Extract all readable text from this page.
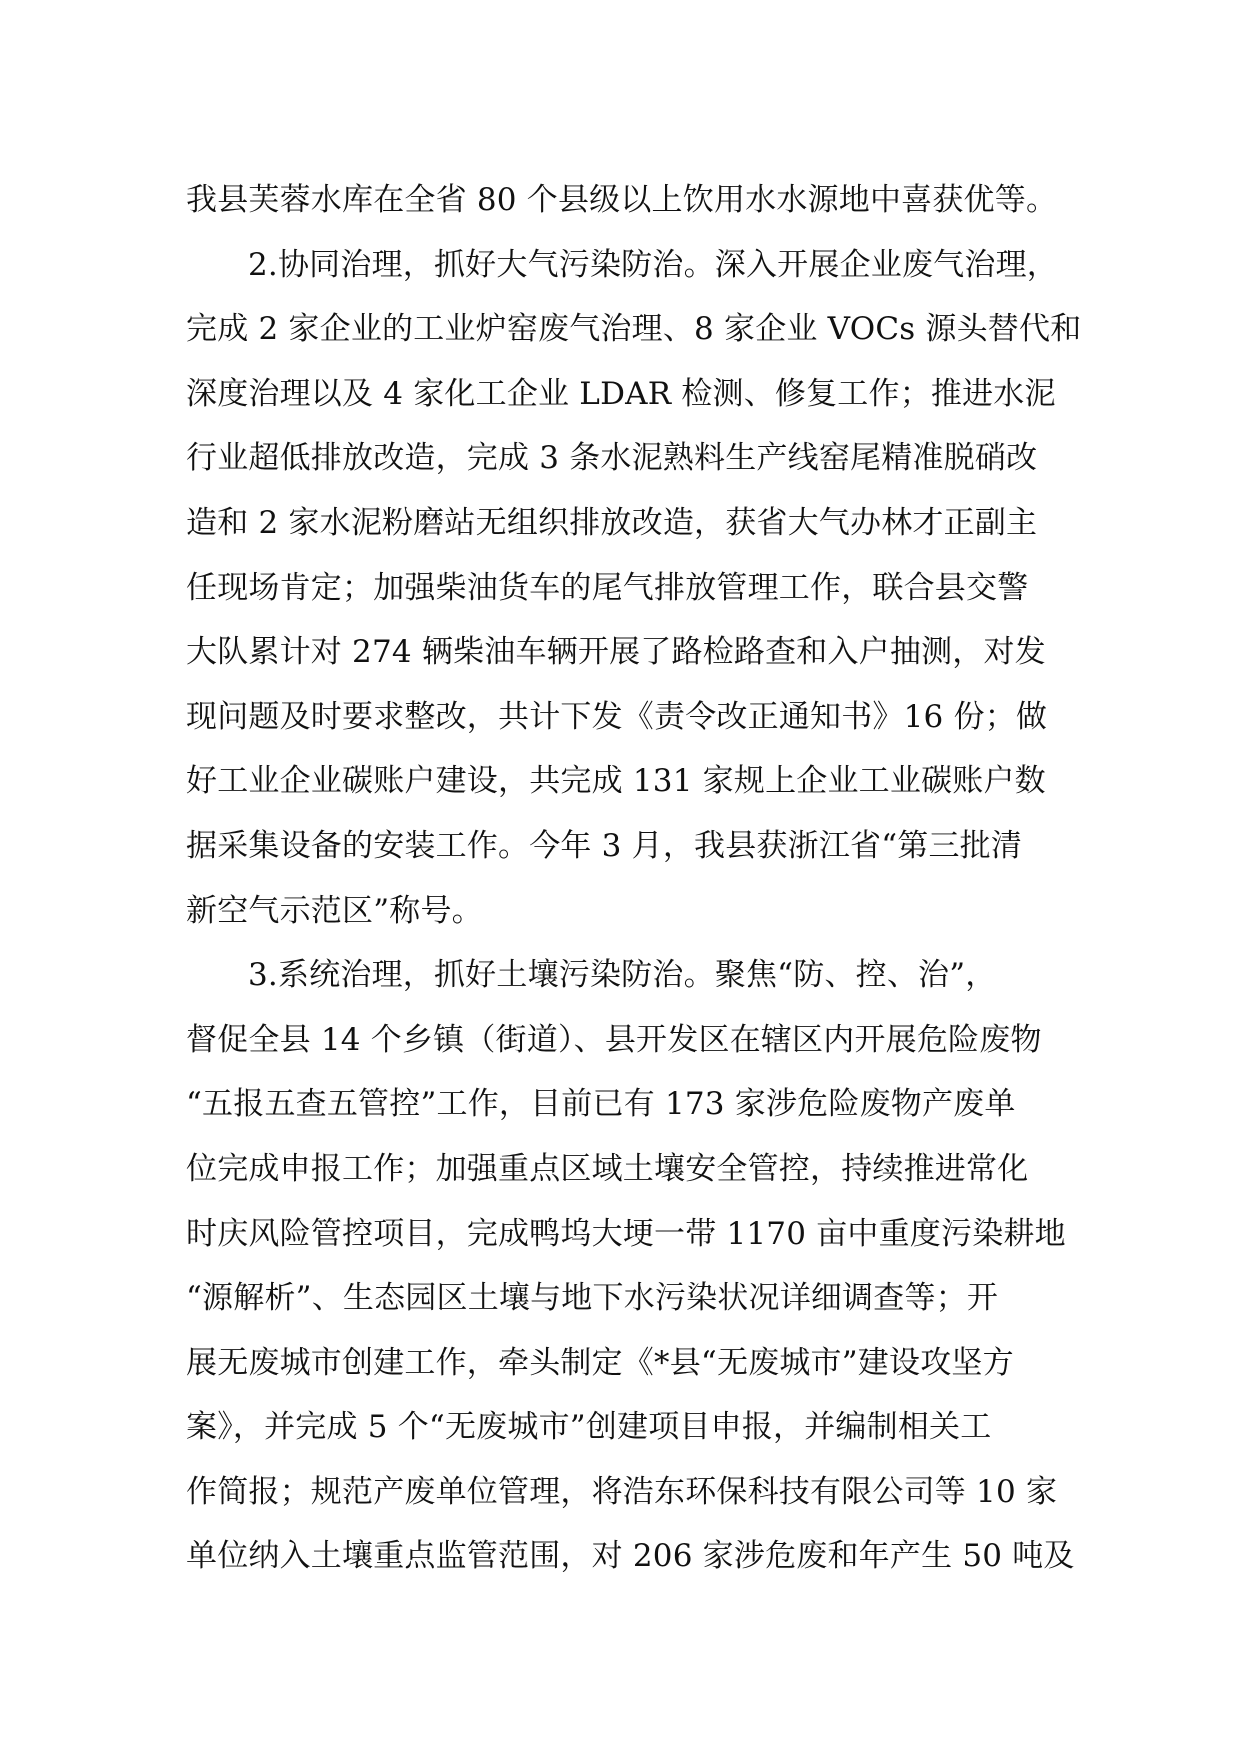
我县芙蓉水库在全省 80 个县级以上饮用水水源地中喜获优等。
2.协同治理，抓好大气污染防治。深入开展企业废气治理，
完成 2 家企业的工业炉窑废气治理、8 家企业 VOCs 源头替代和
深度治理以及 4 家化工企业 LDAR 检测、修复工作；推进水泥
行业超低排放改造，完成 3 条水泥熟料生产线窑尾精准脱硝改
造和 2 家水泥粉磨站无组织排放改造，获省大气办林才正副主
任现场肯定；加强柴油货车的尾气排放管理工作，联合县交警
大队累计对 274 辆柴油车辆开展了路检路查和入户抽测，对发
现问题及时要求整改，共计下发《责令改正通知书》16 份；做
好工业企业碳账户建设，共完成 131 家规上企业工业碳账户数
据采集设备的安装工作。今年 3 月，我县获浙江省“第三批清
新空气示范区”称号。
3.系统治理，抓好土壤污染防治。聚焦“防、控、治”，
督促全县 14 个乡镇（街道）、县开发区在辖区内开展危险废物
“五报五查五管控”工作，目前已有 173 家涉危险废物产废单
位完成申报工作；加强重点区域土壤安全管控，持续推进常化
时庆风险管控项目，完成鸭坞大埂一带 1170 亩中重度污染耕地
“源解析”、生态园区土壤与地下水污染状况详细调查等；开
展无废城市创建工作，牵头制定《*县“无废城市”建设攻坚方
案》，并完成 5 个“无废城市”创建项目申报，并编制相关工
作简报；规范产废单位管理，将浩东环保科技有限公司等 10 家
单位纳入土壤重点监管范围，对 206 家涉危废和年产生 50 吨及
